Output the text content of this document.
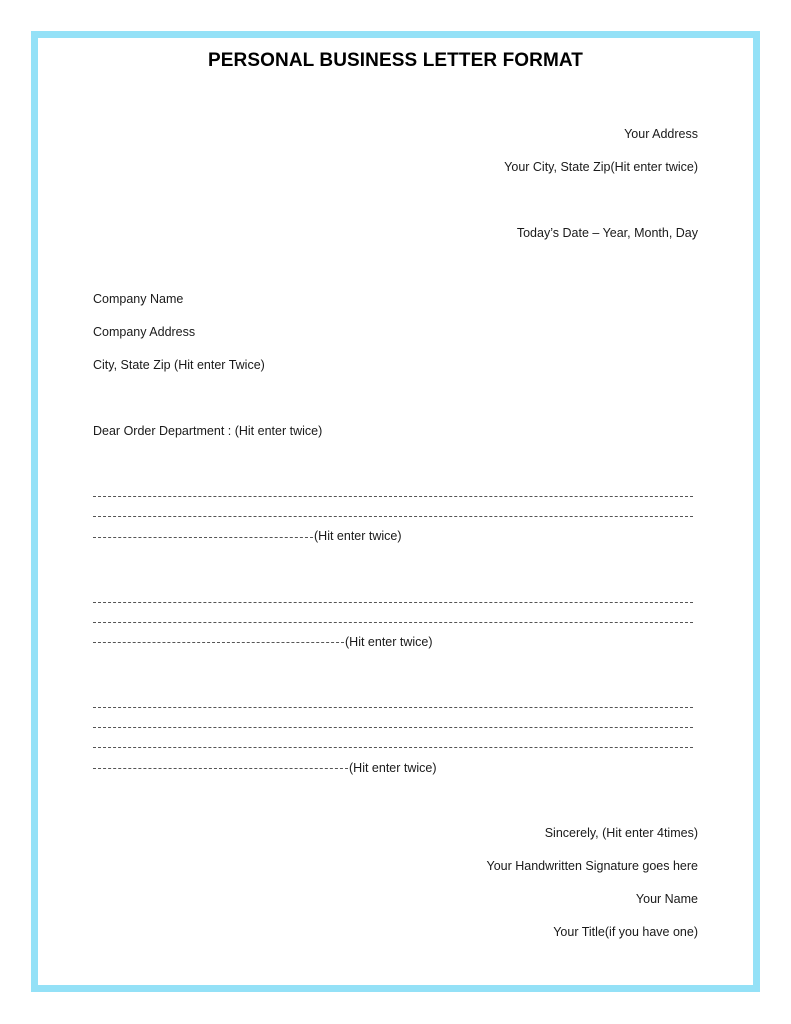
PERSONAL BUSINESS LETTER FORMAT
Your Address
Your City, State Zip(Hit enter twice)
Today’s Date – Year, Month, Day
Company Name
Company Address
City, State Zip (Hit enter Twice)
Dear Order Department : (Hit enter twice)
(Hit enter twice)
(Hit enter twice)
(Hit enter twice)
Sincerely, (Hit enter 4times)
Your Handwritten Signature goes here
Your Name
Your Title(if you have one)
